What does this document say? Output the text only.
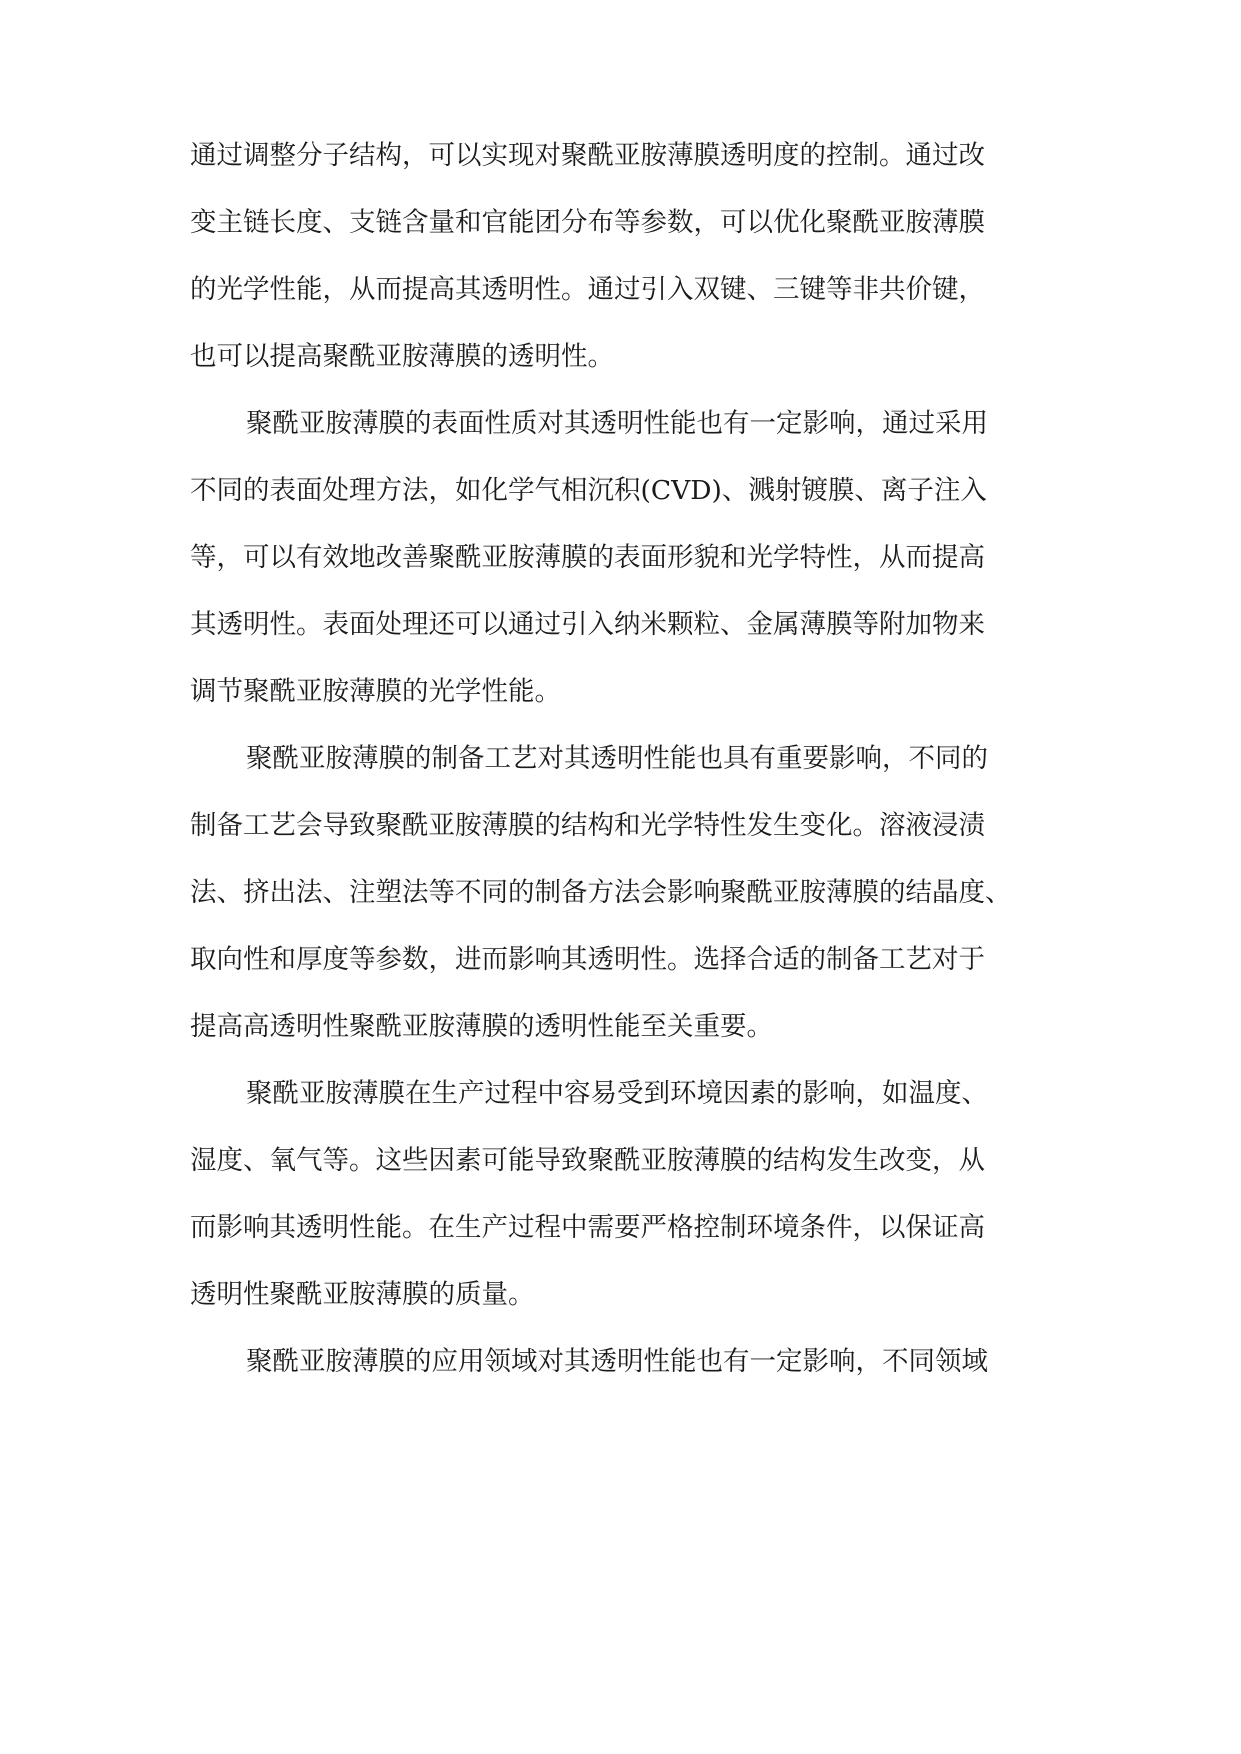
通过调整分子结构，可以实现对聚酰亚胺薄膜透明度的控制。通过改
变主链长度、支链含量和官能团分布等参数，可以优化聚酰亚胺薄膜
的光学性能，从而提高其透明性。通过引入双键、三键等非共价键，
也可以提高聚酰亚胺薄膜的透明性。
聚酰亚胺薄膜的表面性质对其透明性能也有一定影响，通过采用
不同的表面处理方法，如化学气相沉积(CVD)、溅射镀膜、离子注入
等，可以有效地改善聚酰亚胺薄膜的表面形貌和光学特性，从而提高
其透明性。表面处理还可以通过引入纳米颗粒、金属薄膜等附加物来
调节聚酰亚胺薄膜的光学性能。
聚酰亚胺薄膜的制备工艺对其透明性能也具有重要影响，不同的
制备工艺会导致聚酰亚胺薄膜的结构和光学特性发生变化。溶液浸渍
法、挤出法、注塑法等不同的制备方法会影响聚酰亚胺薄膜的结晶度、
取向性和厚度等参数，进而影响其透明性。选择合适的制备工艺对于
提高高透明性聚酰亚胺薄膜的透明性能至关重要。
聚酰亚胺薄膜在生产过程中容易受到环境因素的影响，如温度、
湿度、氧气等。这些因素可能导致聚酰亚胺薄膜的结构发生改变，从
而影响其透明性能。在生产过程中需要严格控制环境条件，以保证高
透明性聚酰亚胺薄膜的质量。
聚酰亚胺薄膜的应用领域对其透明性能也有一定影响，不同领域
